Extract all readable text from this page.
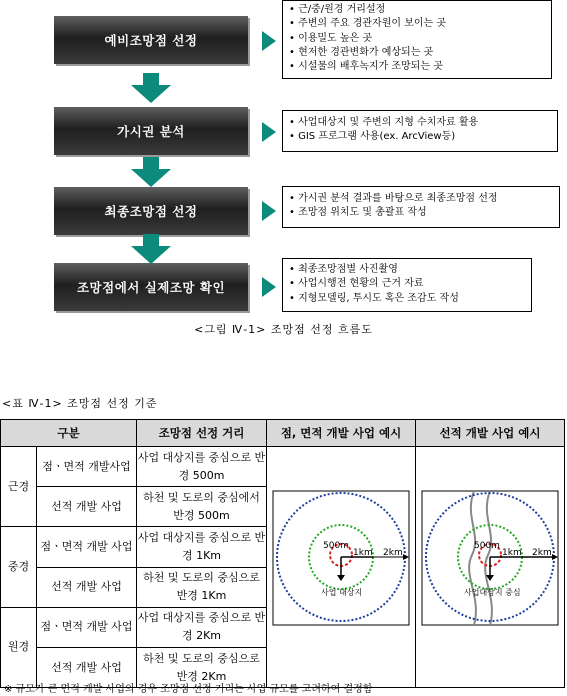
예비조망점 선정
가시권 분석
최종조망점 선정
조망점에서 실제조망 확인
• 근/중/원경 거리설정
• 주변의 주요 경관자원이 보이는 곳
• 이용밀도 높은 곳
• 현저한 경관변화가 예상되는 곳
• 시설물의 배후녹지가 조망되는 곳
• 사업대상지 및 주변의 지형 수치자료 활용
• GIS 프로그램 사용(ex. ArcView등)
• 가시권 분석 결과를 바탕으로 최종조망점 선정
• 조망점 위치도 및 총괄표 작성
• 최종조망점별 사진촬영
• 사업시행전 현황의 근거 자료
• 지형모델링, 투시도 혹은 조감도 작성
<그림 Ⅳ-1> 조망점 선정 흐름도
<표 Ⅳ-1> 조망점 선정 기준
구분		조망점 선정 거리	점, 면적 개발 사업 예시	선적 개발 사업 예시
근경	점ㆍ면적 개발사업	사업 대상지를 중심으로 반경 500m	500m
1km 2km
사업 대상지	500m
1km 2km
사업대상지 중심

	선적 개발 사업	하천 및 도로의 중심에서 반경 500m		
중경	점ㆍ면적 개발 사업	사업 대상지를 중심으로 반경 1Km		
	선적 개발 사업	하천 및 도로의 중심으로 반경 1Km		
원경	점ㆍ면적 개발 사업	사업 대상지를 중심으로 반경 2Km		
	선적 개발 사업	하천 및 도로의 중심으로 반경 2Km		
※ 규모가 큰 면적 개발 사업의 경우 조망점 선정 거리는 사업 규모를 고려하여 결정함
